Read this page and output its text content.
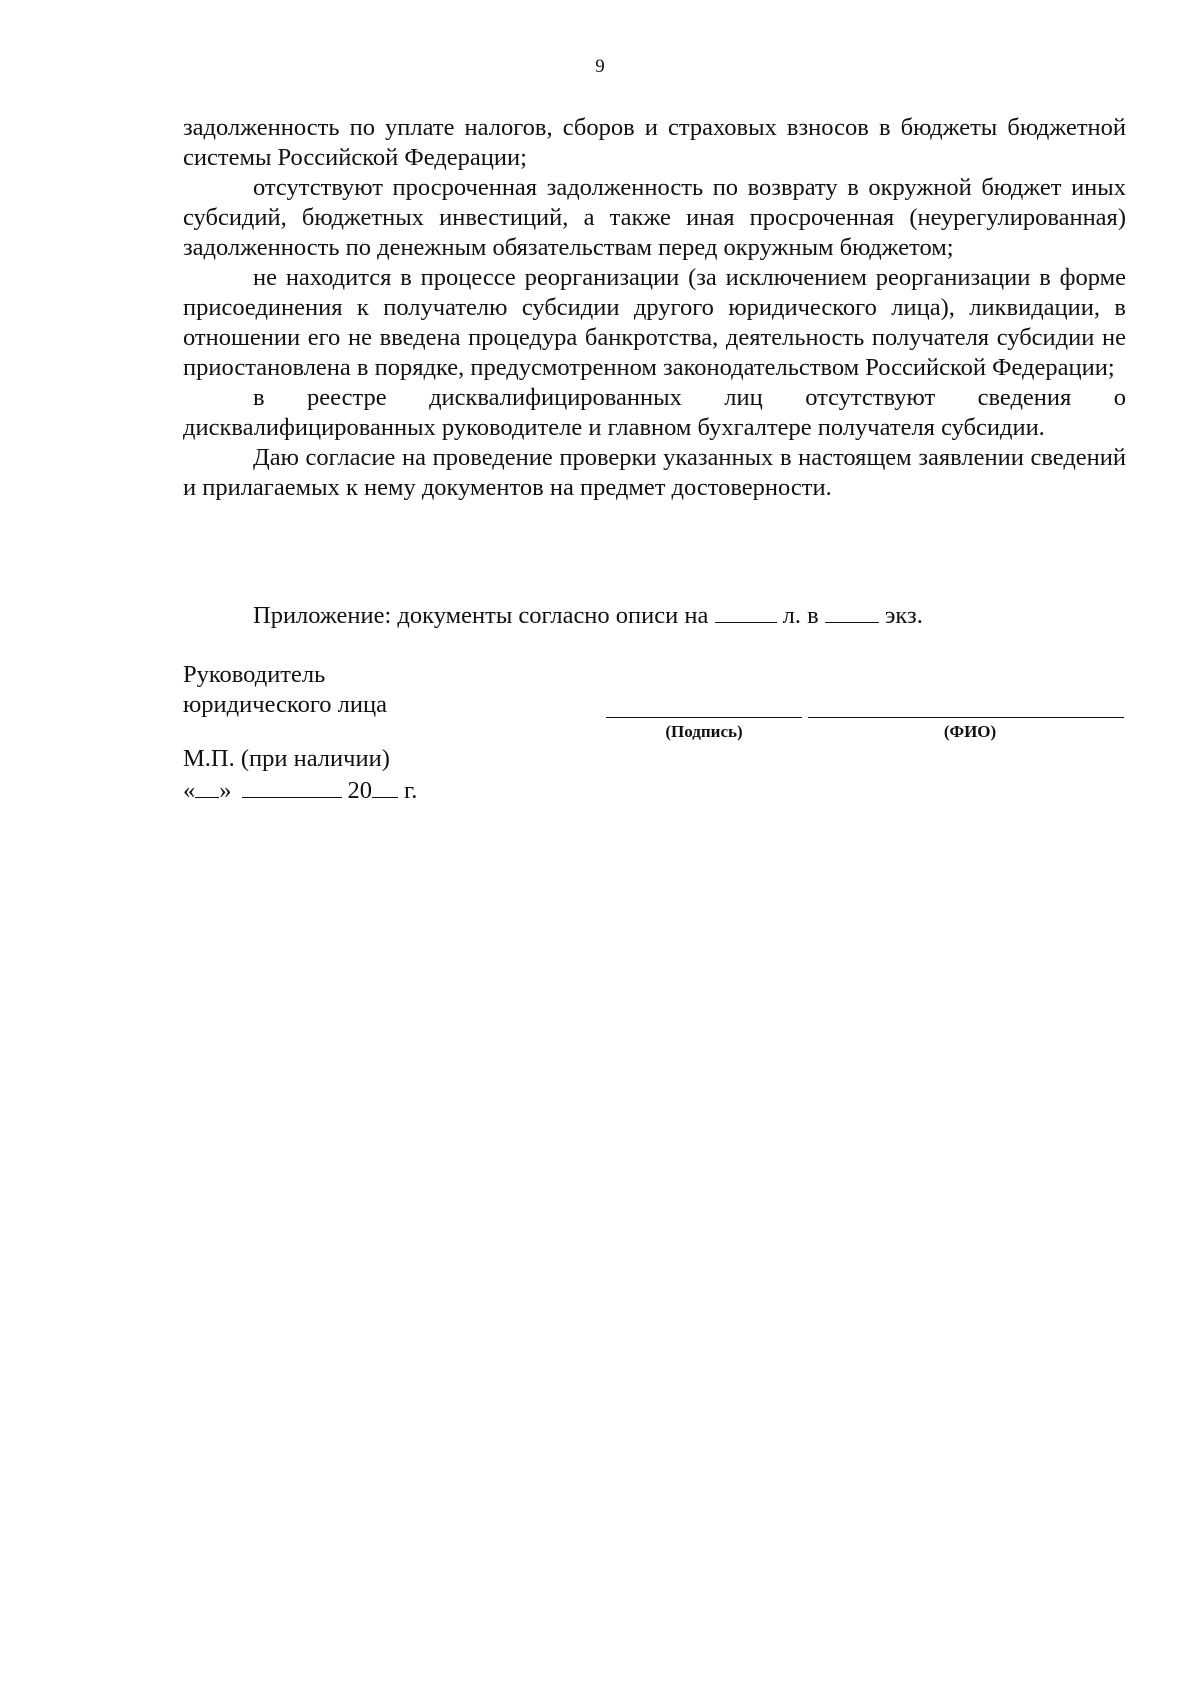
9

задолженность по уплате налогов, сборов и страховых взносов в бюджеты бюджетной системы Российской Федерации;

отсутствуют просроченная задолженность по возврату в окружной бюджет иных субсидий, бюджетных инвестиций, а также иная просроченная (неурегулированная) задолженность по денежным обязательствам перед окружным бюджетом;

не находится в процессе реорганизации (за исключением реорганизации в форме присоединения к получателю субсидии другого юридического лица), ликвидации, в отношении его не введена процедура банкротства, деятельность получателя субсидии не приостановлена в порядке, предусмотренном законодательством Российской Федерации;

в реестре дисквалифицированных лиц отсутствуют сведения о дисквалифицированных руководителе и главном бухгалтере получателя субсидии.

Даю согласие на проведение проверки указанных в настоящем заявлении сведений и прилагаемых к нему документов на предмет достоверности.

Приложение: документы согласно описи на	л. в	экз.
Руководитель
юридического лица
(Подпись)	(ФИО)
М.П. (при наличии)
« »	20 г.
